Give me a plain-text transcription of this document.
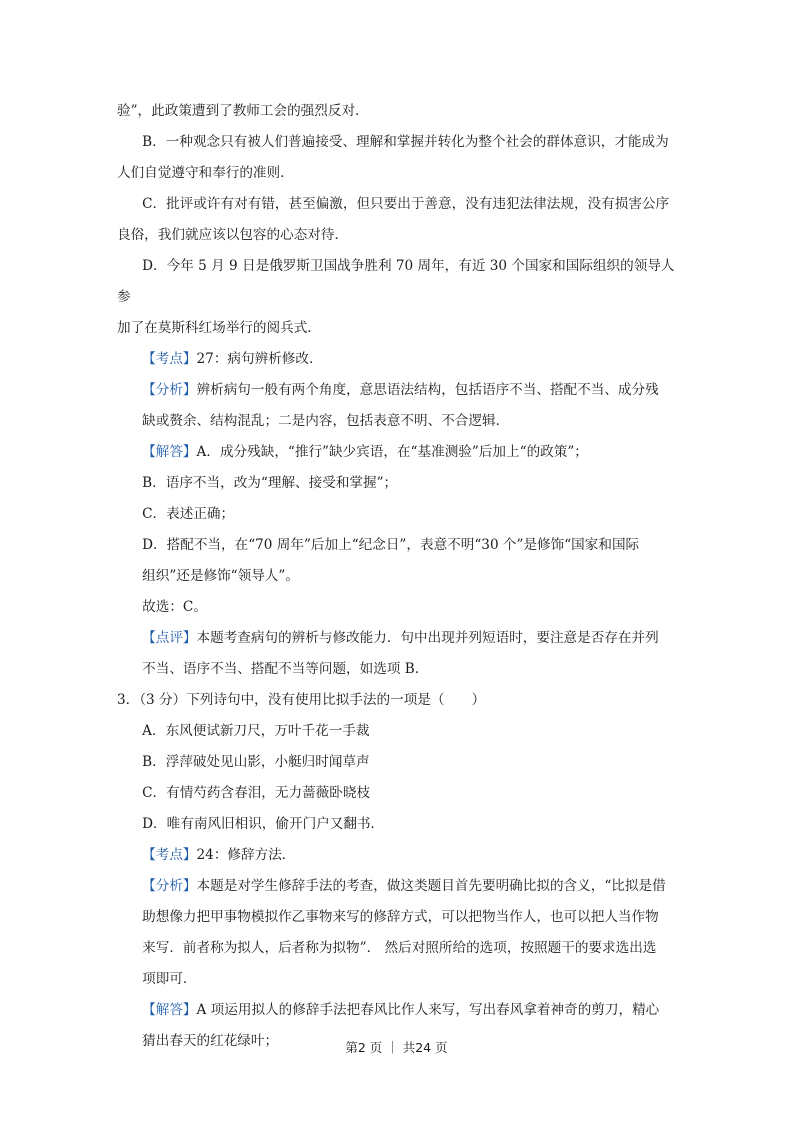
验”，此政策遭到了教师工会的强烈反对．

B．一种观念只有被人们普遍接受、理解和掌握并转化为整个社会的群体意识，才能成为

人们自觉遵守和奉行的准则．

C．批评或许有对有错，甚至偏激，但只要出于善意，没有违犯法律法规，没有损害公序

良俗，我们就应该以包容的心态对待．

D．今年 5 月 9 日是俄罗斯卫国战争胜利 70 周年，有近 30 个国家和国际组织的领导人参

加了在莫斯科红场举行的阅兵式．

【考点】27：病句辨析修改．

【分析】辨析病句一般有两个角度，意思语法结构，包括语序不当、搭配不当、成分残

缺或赘余、结构混乱；二是内容，包括表意不明、不合逻辑．

【解答】A．成分残缺，“推行”缺少宾语，在“基准测验”后加上“的政策”；

B．语序不当，改为“理解、接受和掌握”；

C．表述正确；

D．搭配不当，在“70 周年”后加上“纪念日”，表意不明“30 个”是修饰“国家和国际

组织”还是修饰“领导人”。

故选：C。

【点评】本题考查病句的辨析与修改能力．句中出现并列短语时，要注意是否存在并列

不当、语序不当、搭配不当等问题，如选项 B．

3．（3 分）下列诗句中，没有使用比拟手法的一项是（　　）

A．东风便试新刀尺，万叶千花一手裁

B．浮萍破处见山影，小艇归时闻草声

C．有情芍药含春泪，无力蔷薇卧晓枝

D．唯有南风旧相识，偷开门户又翻书．

【考点】24：修辞方法．

【分析】本题是对学生修辞手法的考查，做这类题目首先要明确比拟的含义，“比拟是借

助想像力把甲事物模拟作乙事物来写的修辞方式，可以把物当作人，也可以把人当作物

来写．前者称为拟人，后者称为拟物”． 然后对照所给的选项，按照题干的要求选出选

项即可．

【解答】A 项运用拟人的修辞手法把春风比作人来写，写出春风拿着神奇的剪刀，精心

猜出春天的红花绿叶；	第2 页 ｜ 共24 页
